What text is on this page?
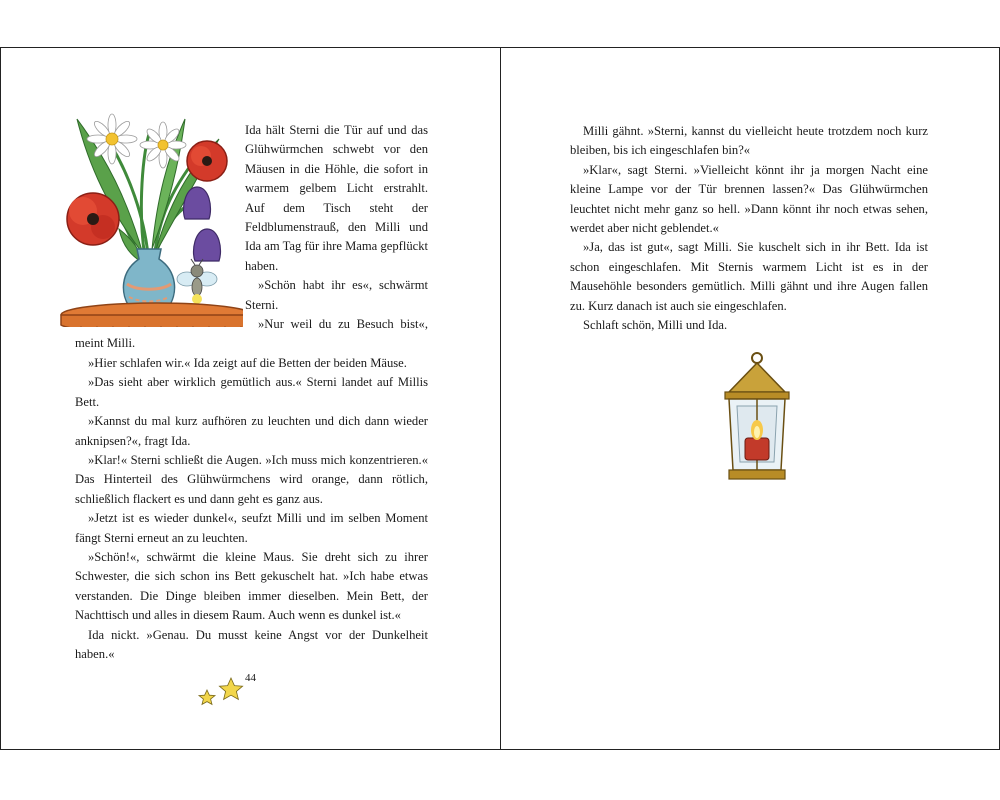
Ida hält Sterni die Tür auf und das Glühwürmchen schwebt vor den Mäusen in die Höhle, die sofort in warmem gelbem Licht erstrahlt. Auf dem Tisch steht der Feldblumenstrauß, den Milli und Ida am Tag für ihre Mama gepflückt haben.

»Schön habt ihr es«, schwärmt Sterni.

»Nur weil du zu Besuch bist«, meint Milli.

»Hier schlafen wir.« Ida zeigt auf die Betten der beiden Mäuse.

»Das sieht aber wirklich gemütlich aus.« Sterni landet auf Millis Bett.

»Kannst du mal kurz aufhören zu leuchten und dich dann wieder anknipsen?«, fragt Ida.

»Klar!« Sterni schließt die Augen. »Ich muss mich konzentrieren.« Das Hinterteil des Glühwürmchens wird orange, dann rötlich, schließlich flackert es und dann geht es ganz aus.

»Jetzt ist es wieder dunkel«, seufzt Milli und im selben Moment fängt Sterni erneut an zu leuchten.

»Schön!«, schwärmt die kleine Maus. Sie dreht sich zu ihrer Schwester, die sich schon ins Bett gekuschelt hat. »Ich habe etwas verstanden. Die Dinge bleiben immer dieselben. Mein Bett, der Nachttisch und alles in diesem Raum. Auch wenn es dunkel ist.«

Ida nickt. »Genau. Du musst keine Angst vor der Dunkelheit haben.«

44

Milli gähnt. »Sterni, kannst du vielleicht heute trotzdem noch kurz bleiben, bis ich eingeschlafen bin?«

»Klar«, sagt Sterni. »Vielleicht könnt ihr ja morgen Nacht eine kleine Lampe vor der Tür brennen lassen?« Das Glühwürmchen leuchtet nicht mehr ganz so hell. »Dann könnt ihr noch etwas sehen, werdet aber nicht geblendet.«

»Ja, das ist gut«, sagt Milli. Sie kuschelt sich in ihr Bett. Ida ist schon eingeschlafen. Mit Sternis warmem Licht ist es in der Mausehöhle besonders gemütlich. Milli gähnt und ihre Augen fallen zu. Kurz danach ist auch sie eingeschlafen.

Schlaft schön, Milli und Ida.
